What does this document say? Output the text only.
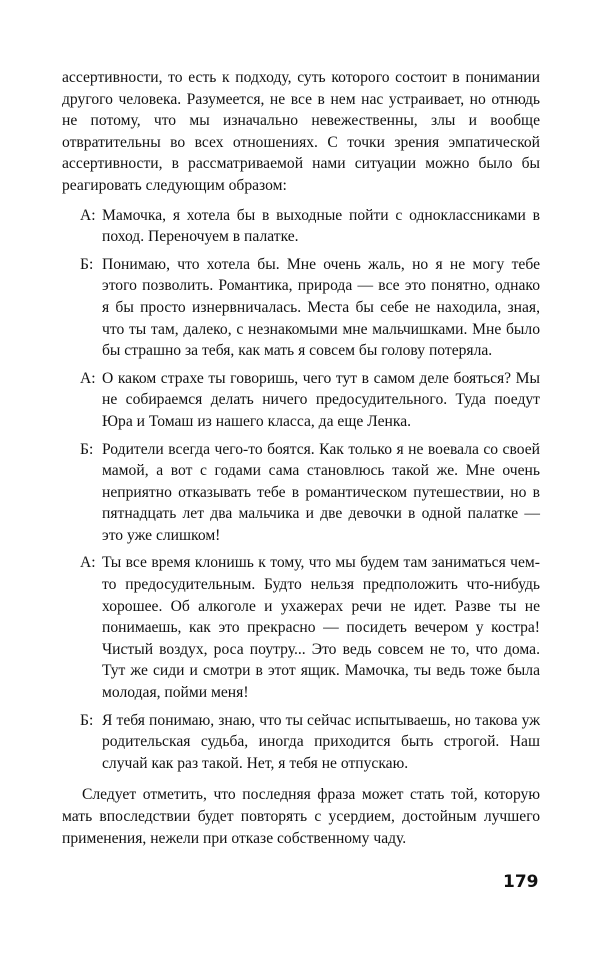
ассертивности, то есть к подходу, суть которого состоит в понимании другого человека. Разумеется, не все в нем нас устраивает, но отнюдь не потому, что мы изначально невежественны, злы и вообще отвратительны во всех отношениях. С точки зрения эмпатической ассертивности, в рассматриваемой нами ситуации можно было бы реагировать следующим образом:

А: Мамочка, я хотела бы в выходные пойти с одноклассниками в поход. Переночуем в палатке.
Б: Понимаю, что хотела бы. Мне очень жаль, но я не могу тебе этого позволить. Романтика, природа — все это понятно, однако я бы просто изнервничалась. Места бы себе не находила, зная, что ты там, далеко, с незнакомыми мне мальчишками. Мне было бы страшно за тебя, как мать я совсем бы голову потеряла.
А: О каком страхе ты говоришь, чего тут в самом деле бояться? Мы не собираемся делать ничего предосудительного. Туда поедут Юра и Томаш из нашего класса, да еще Ленка.
Б: Родители всегда чего-то боятся. Как только я не воевала со своей мамой, а вот с годами сама становлюсь такой же. Мне очень неприятно отказывать тебе в романтическом путешествии, но в пятнадцать лет два мальчика и две девочки в одной палатке — это уже слишком!
А: Ты все время клонишь к тому, что мы будем там заниматься чем-то предосудительным. Будто нельзя предположить что-нибудь хорошее. Об алкоголе и ухажерах речи не идет. Разве ты не понимаешь, как это прекрасно — посидеть вечером у костра! Чистый воздух, роса поутру... Это ведь совсем не то, что дома. Тут же сиди и смотри в этот ящик. Мамочка, ты ведь тоже была молодая, пойми меня!
Б: Я тебя понимаю, знаю, что ты сейчас испытываешь, но такова уж родительская судьба, иногда приходится быть строгой. Наш случай как раз такой. Нет, я тебя не отпускаю.

Следует отметить, что последняя фраза может стать той, которую мать впоследствии будет повторять с усердием, достойным лучшего применения, нежели при отказе собственному чаду.

179
